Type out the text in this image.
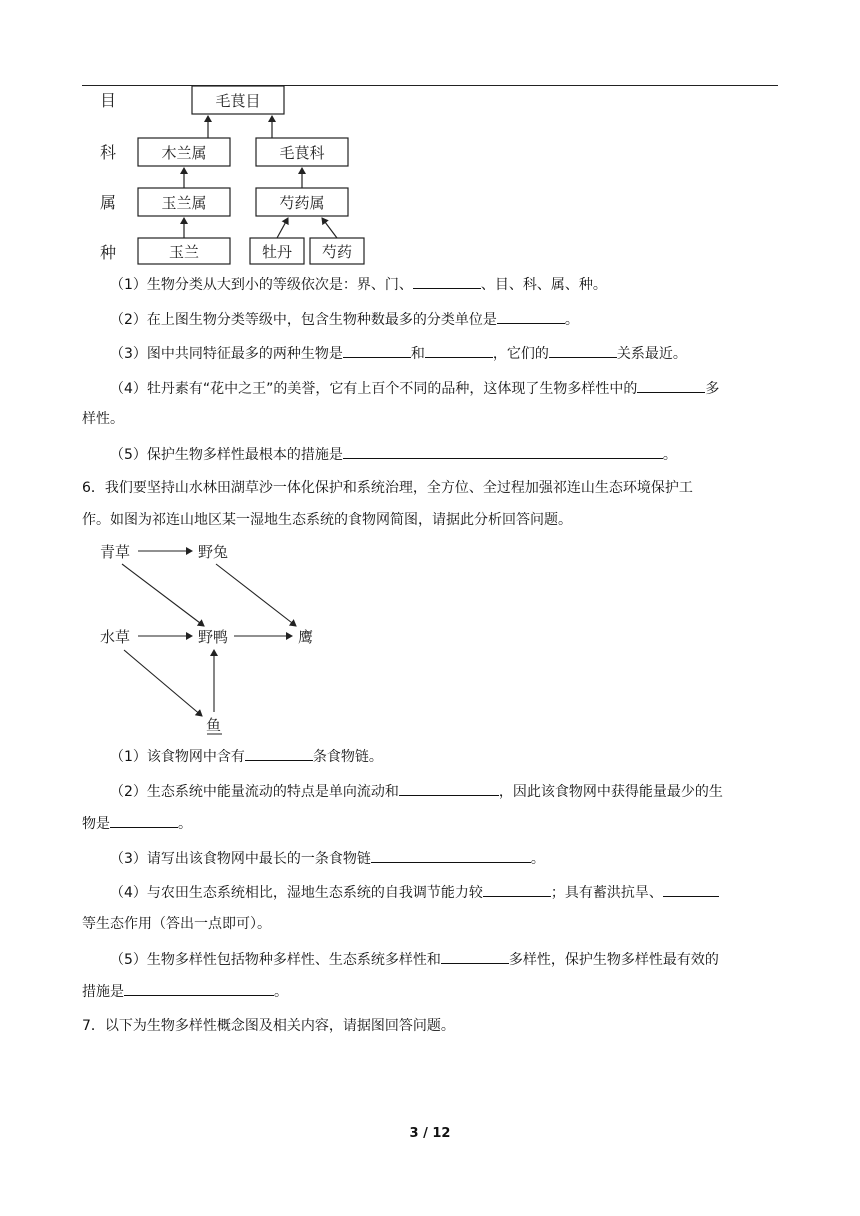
目
科
属
种
毛茛目
木兰属	毛茛科
玉兰属	芍药属
玉兰	牡丹 芍药
（1）生物分类从大到小的等级依次是：界、门、	、目、科、属、种。
（2）在上图生物分类等级中，包含生物种数最多的分类单位是	。
（3）图中共同特征最多的两种生物是	和	，它们的	关系最近。
（4）牡丹素有“花中之王”的美誉，它有上百个不同的品种，这体现了生物多样性中的	多
样性。
（5）保护生物多样性最根本的措施是	。
6．我们要坚持山水林田湖草沙一体化保护和系统治理，全方位、全过程加强祁连山生态环境保护工
作。如图为祁连山地区某一湿地生态系统的食物网简图，请据此分析回答问题。
青草	野兔
水草	野鸭	鹰
鱼
（1）该食物网中含有	条食物链。
（2）生态系统中能量流动的特点是单向流动和	，因此该食物网中获得能量最少的生
物是	。
（3）请写出该食物网中最长的一条食物链	。
（4）与农田生态系统相比，湿地生态系统的自我调节能力较	；具有蓄洪抗旱、
等生态作用（答出一点即可）。
（5）生物多样性包括物种多样性、生态系统多样性和	多样性，保护生物多样性最有效的
措施是	。
7．以下为生物多样性概念图及相关内容，请据图回答问题。
3 / 12
